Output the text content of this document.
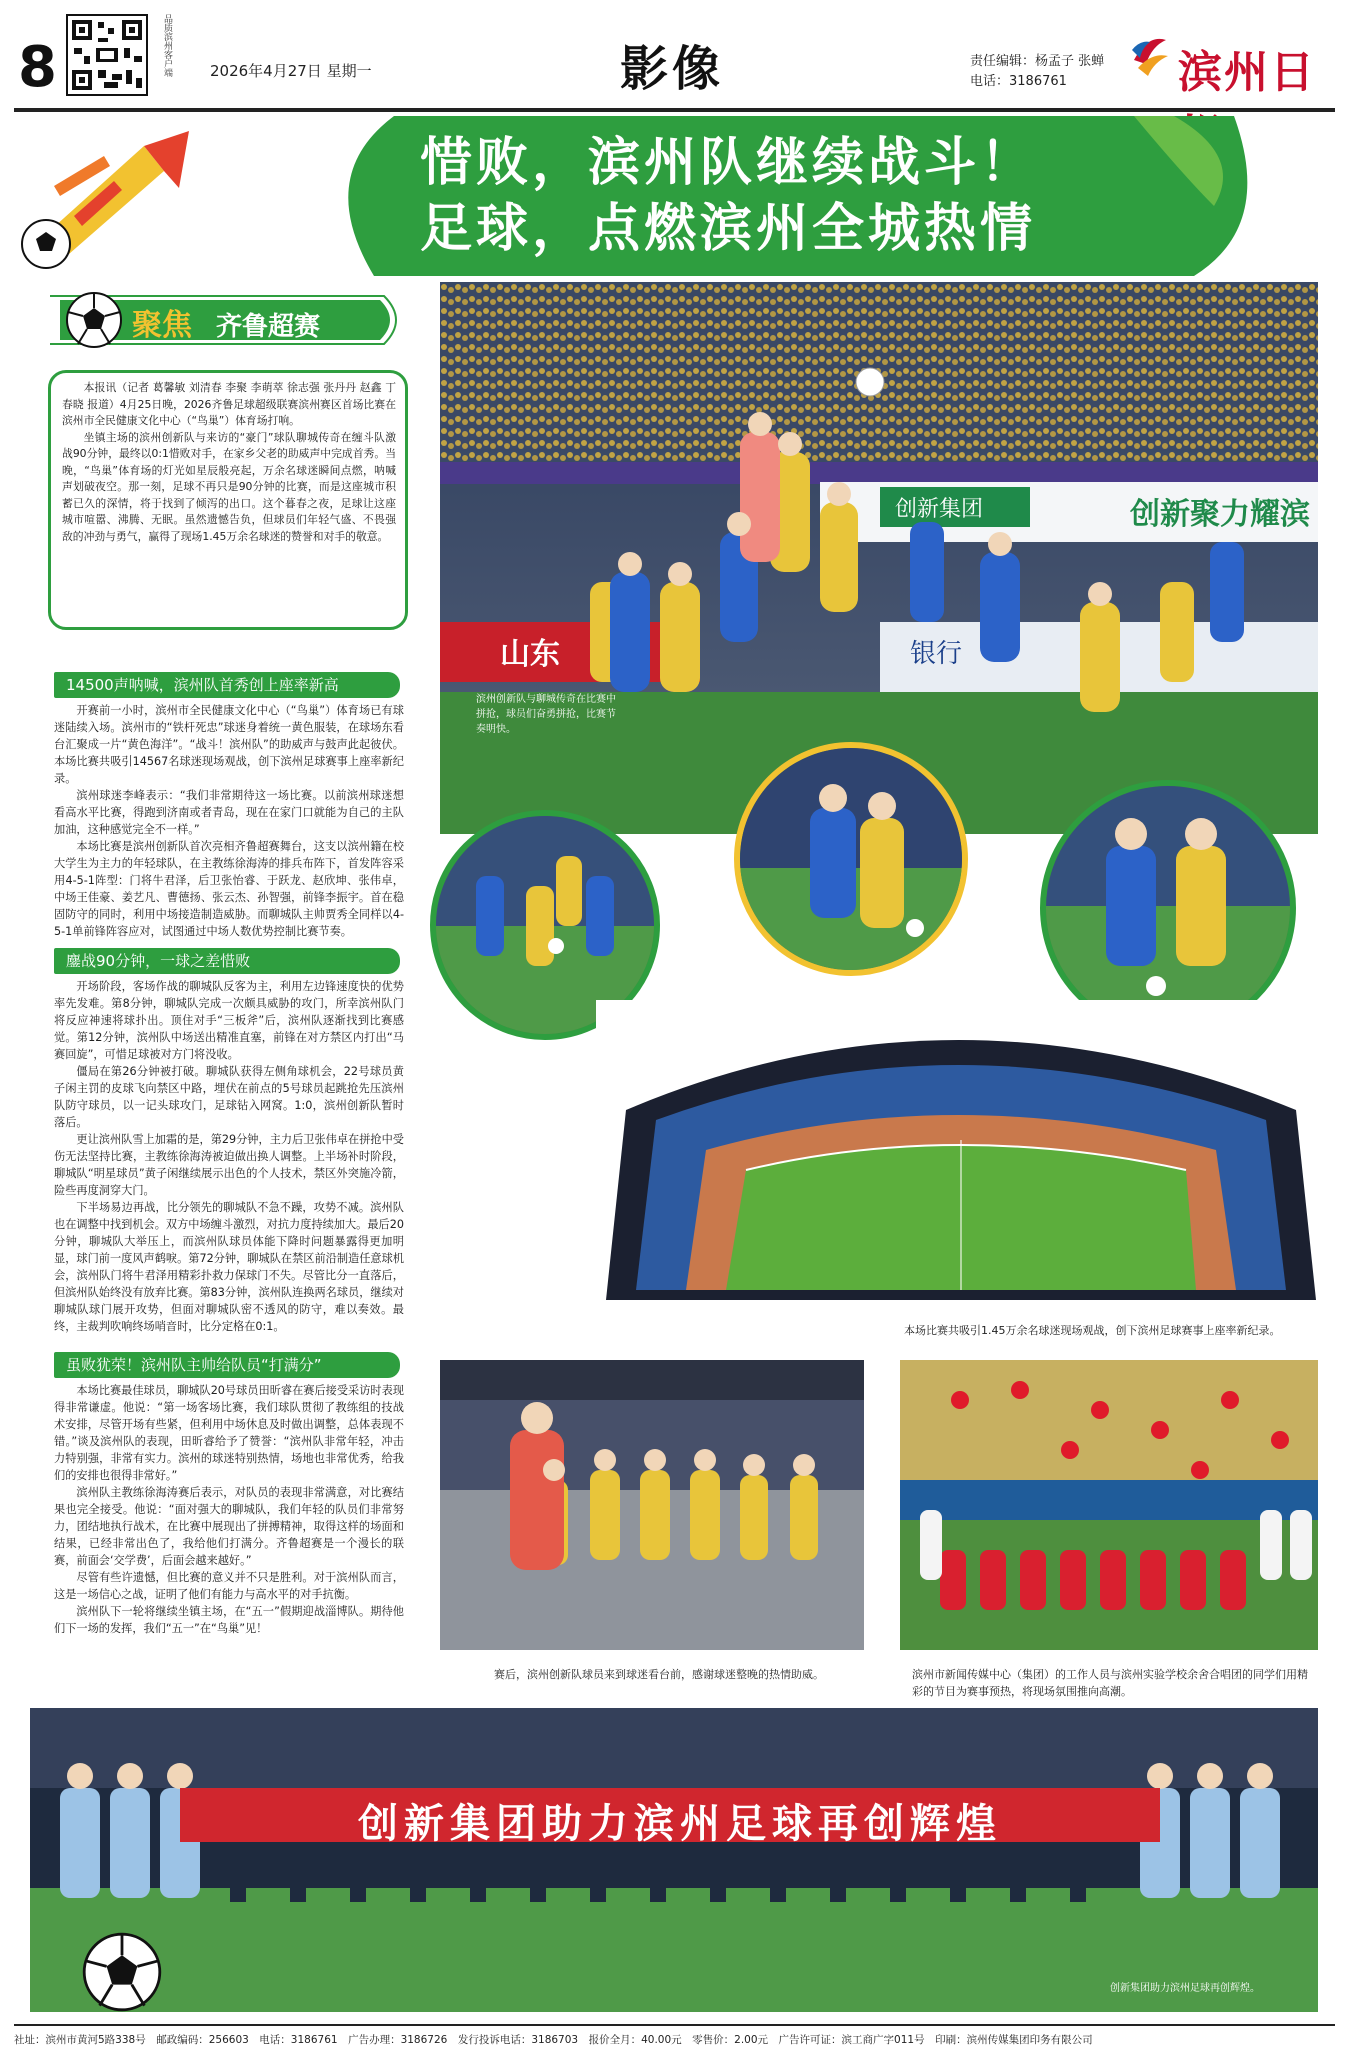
8	品质滨州客户端	2026年4月27日 星期一	影像	责任编辑：杨孟子 张蝉
电话：3186761	滨州日
惜败，滨州队继续战斗！
足球，点燃滨州全城热情
聚焦 齐鲁超赛

本报讯（记者 葛馨敏 刘清春 李聚 李萌萃 徐志强 张丹丹 赵鑫 丁春晓 报道）4月25日晚，2026齐鲁足球超级联赛滨州赛区首场比赛在滨州市全民健康文化中心（“鸟巢”）体育场打响。

坐镇主场的滨州创新队与来访的“豪门”球队聊城传奇在缠斗队激战90分钟，最终以0:1惜败对手，在家乡父老的助威声中完成首秀。当晚，“鸟巢”体育场的灯光如星辰般亮起，万余名球迷瞬间点燃，呐喊声划破夜空。那一刻，足球不再只是90分钟的比赛，而是这座城市积蓄已久的深情，将于找到了倾泻的出口。这个暮春之夜，足球让这座城市喧嚣、沸腾、无眠。虽然遗憾告负，但球员们年轻气盛、不畏强敌的冲劲与勇气，赢得了现场1.45万余名球迷的赞誉和对手的敬意。

14500声呐喊，滨州队首秀创上座率新高

开赛前一小时，滨州市全民健康文化中心（“鸟巢”）体育场已有球迷陆续入场。滨州市的“铁杆死忠”球迷身着统一黄色服装，在球场东看台汇聚成一片“黄色海洋”。“战斗！滨州队”的助威声与鼓声此起彼伏。本场比赛共吸引14567名球迷现场观战，创下滨州足球赛事上座率新纪录。

滨州球迷李峰表示：“我们非常期待这一场比赛。以前滨州球迷想看高水平比赛，得跑到济南或者青岛，现在在家门口就能为自己的主队加油，这种感觉完全不一样。”

本场比赛是滨州创新队首次亮相齐鲁超赛舞台，这支以滨州籍在校大学生为主力的年轻球队，在主教练徐海涛的排兵布阵下，首发阵容采用4-5-1阵型：门将牛君泽，后卫张怡睿、于跃龙、赵欣坤、张伟卓，中场王佳豪、姜艺凡、曹德扬、张云杰、孙智强，前锋李振宇。首在稳固防守的同时，利用中场接造制造威胁。而聊城队主帅贾秀全同样以4-5-1单前锋阵容应对，试图通过中场人数优势控制比赛节奏。

鏖战90分钟，一球之差惜败

开场阶段，客场作战的聊城队反客为主，利用左边锋速度快的优势率先发难。第8分钟，聊城队完成一次颇具威胁的攻门，所幸滨州队门将反应神速将球扑出。顶住对手“三板斧”后，滨州队逐渐找到比赛感觉。第12分钟，滨州队中场送出精准直塞，前锋在对方禁区内打出“马赛回旋”，可惜足球被对方门将没收。

僵局在第26分钟被打破。聊城队获得左侧角球机会，22号球员黄子闲主罚的皮球飞向禁区中路，埋伏在前点的5号球员起跳抢先压滨州队防守球员，以一记头球攻门，足球钻入网窝。1:0，滨州创新队暂时落后。

更让滨州队雪上加霜的是，第29分钟，主力后卫张伟卓在拼抢中受伤无法坚持比赛，主教练徐海涛被迫做出换人调整。上半场补时阶段，聊城队“明星球员”黄子闲继续展示出色的个人技术，禁区外突施冷箭，险些再度洞穿大门。

下半场易边再战，比分领先的聊城队不急不躁，攻势不减。滨州队也在调整中找到机会。双方中场缠斗激烈，对抗力度持续加大。最后20分钟，聊城队大举压上，而滨州队球员体能下降时问题暴露得更加明显，球门前一度风声鹤唳。第72分钟，聊城队在禁区前沿制造任意球机会，滨州队门将牛君泽用精彩扑救力保球门不失。尽管比分一直落后，但滨州队始终没有放弃比赛。第83分钟，滨州队连换两名球员，继续对聊城队球门展开攻势，但面对聊城队密不透风的防守，难以奏效。最终，主裁判吹响终场哨音时，比分定格在0:1。

虽败犹荣！滨州队主帅给队员“打满分”

本场比赛最佳球员，聊城队20号球员田昕睿在赛后接受采访时表现得非常谦虚。他说：“第一场客场比赛，我们球队贯彻了教练组的技战术安排，尽管开场有些紧，但利用中场休息及时做出调整，总体表现不错。”谈及滨州队的表现，田昕睿给予了赞誉：“滨州队非常年轻，冲击力特别强，非常有实力。滨州的球迷特别热情，场地也非常优秀，给我们的安排也很得非常好。”

滨州队主教练徐海涛赛后表示，对队员的表现非常满意，对比赛结果也完全接受。他说：“面对强大的聊城队，我们年轻的队员们非常努力，团结地执行战术，在比赛中展现出了拼搏精神，取得这样的场面和结果，已经非常出色了，我给他们打满分。齐鲁超赛是一个漫长的联赛，前面会‘交学费’，后面会越来越好。”

尽管有些许遗憾，但比赛的意义并不只是胜利。对于滨州队而言，这是一场信心之战，证明了他们有能力与高水平的对手抗衡。

滨州队下一轮将继续坐镇主场，在“五一”假期迎战淄博队。期待他们下一场的发挥，我们“五一”在“鸟巢”见！

创新聚力耀滨
创新集团
山东	银行
滨州创新队与聊城传奇在比赛中拼抢，球员们奋勇拼抢，比赛节奏明快。
本场比赛共吸引1.45万余名球迷现场观战，创下滨州足球赛事上座率新纪录。
赛后，滨州创新队球员来到球迷看台前，感谢球迷整晚的热情助威。	滨州市新闻传媒中心（集团）的工作人员与滨州实验学校余舍合唱团的同学们用精彩的节目为赛事预热，将现场氛围推向高潮。
创新集团助力滨州足球再创辉煌
创新集团助力滨州足球再创辉煌。
社址：滨州市黄河5路338号　邮政编码：256603　电话：3186761　广告办理：3186726　发行投诉电话：3186703　报价全月：40.00元　零售价：2.00元　广告许可证：滨工商广字011号　印刷：滨州传媒集团印务有限公司
